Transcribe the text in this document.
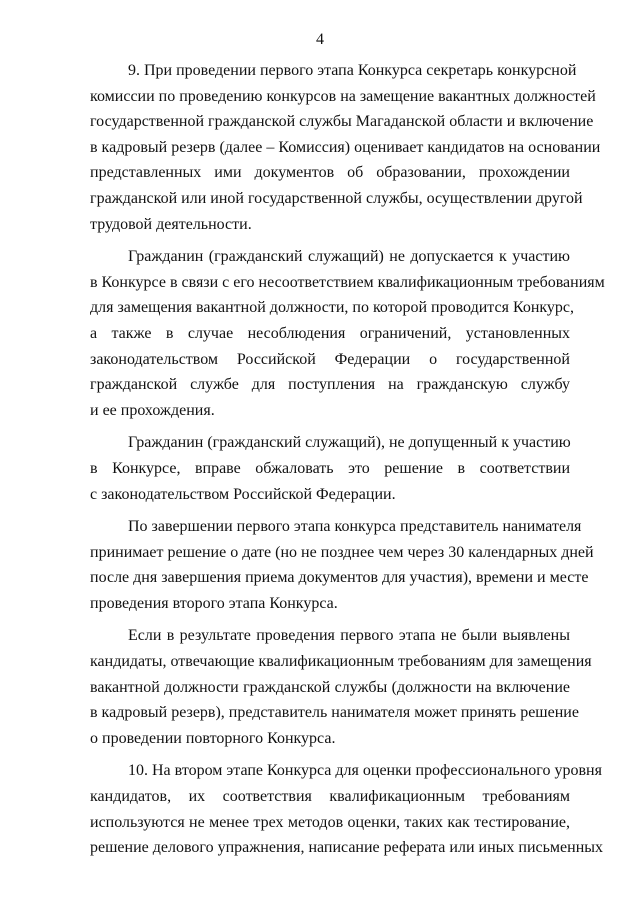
4
9. При проведении первого этапа Конкурса секретарь конкурсной
комиссии по проведению конкурсов на замещение вакантных должностей
государственной гражданской службы Магаданской области и включение
в кадровый резерв (далее – Комиссия) оценивает кандидатов на основании
представленных ими документов об образовании, прохождении
гражданской или иной государственной службы, осуществлении другой
трудовой деятельности.
Гражданин (гражданский служащий) не допускается к участию
в Конкурсе в связи с его несоответствием квалификационным требованиям
для замещения вакантной должности, по которой проводится Конкурс,
а также в случае несоблюдения ограничений, установленных
законодательством Российской Федерации о государственной
гражданской службе для поступления на гражданскую службу
и ее прохождения.
Гражданин (гражданский служащий), не допущенный к участию
в Конкурсе, вправе обжаловать это решение в соответствии
с законодательством Российской Федерации.
По завершении первого этапа конкурса представитель нанимателя
принимает решение о дате (но не позднее чем через 30 календарных дней
после дня завершения приема документов для участия), времени и месте
проведения второго этапа Конкурса.
Если в результате проведения первого этапа не были выявлены
кандидаты, отвечающие квалификационным требованиям для замещения
вакантной должности гражданской службы (должности на включение
в кадровый резерв), представитель нанимателя может принять решение
о проведении повторного Конкурса.
10. На втором этапе Конкурса для оценки профессионального уровня
кандидатов, их соответствия квалификационным требованиям
используются не менее трех методов оценки, таких как тестирование,
решение делового упражнения, написание реферата или иных письменных
